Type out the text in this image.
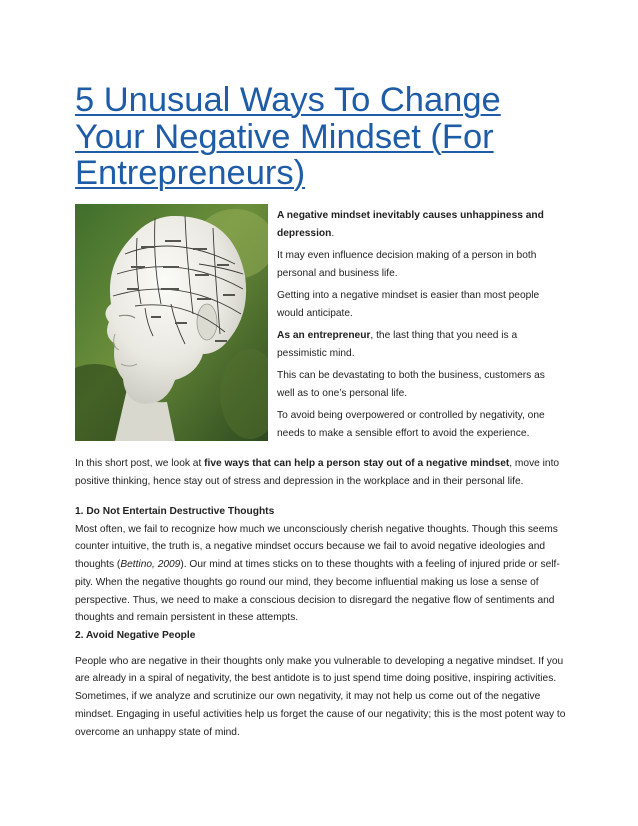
5 Unusual Ways To Change Your Negative Mindset (For Entrepreneurs)

A negative mindset inevitably causes unhappiness and depression.

It may even influence decision making of a person in both personal and business life.

Getting into a negative mindset is easier than most people would anticipate.

As an entrepreneur, the last thing that you need is a pessimistic mind.

This can be devastating to both the business, customers as well as to one’s personal life.

To avoid being overpowered or controlled by negativity, one needs to make a sensible effort to avoid the experience.

In this short post, we look at five ways that can help a person stay out of a negative mindset, move into positive thinking, hence stay out of stress and depression in the workplace and in their personal life.

1. Do Not Entertain Destructive Thoughts

Most often, we fail to recognize how much we unconsciously cherish negative thoughts. Though this seems counter intuitive, the truth is, a negative mindset occurs because we fail to avoid negative ideologies and thoughts (Bettino, 2009). Our mind at times sticks on to these thoughts with a feeling of injured pride or self-pity. When the negative thoughts go round our mind, they become influential making us lose a sense of perspective. Thus, we need to make a conscious decision to disregard the negative flow of sentiments and thoughts and remain persistent in these attempts.

2. Avoid Negative People

People who are negative in their thoughts only make you vulnerable to developing a negative mindset. If you are already in a spiral of negativity, the best antidote is to just spend time doing positive, inspiring activities. Sometimes, if we analyze and scrutinize our own negativity, it may not help us come out of the negative mindset. Engaging in useful activities help us forget the cause of our negativity; this is the most potent way to overcome an unhappy state of mind.
